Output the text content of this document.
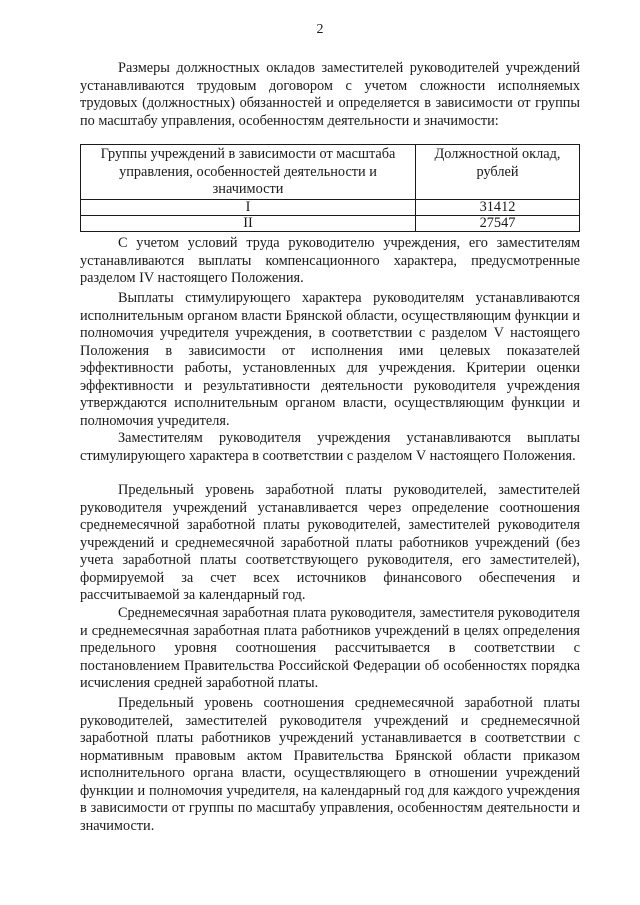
2
Размеры должностных окладов заместителей руководителей учреждений устанавливаются трудовым договором с учетом сложности исполняемых трудовых (должностных) обязанностей и определяется в зависимости от группы по масштабу управления, особенностям деятельности и значимости:
Группы учреждений в зависимости от масштаба управления, особенностей деятельности и значимости	Должностной оклад, рублей
I	31412
II	27547
С учетом условий труда руководителю учреждения, его заместителям устанавливаются выплаты компенсационного характера, предусмотренные разделом IV настоящего Положения.
Выплаты стимулирующего характера руководителям устанавливаются исполнительным органом власти Брянской области, осуществляющим функции и полномочия учредителя учреждения, в соответствии с разделом V настоящего Положения в зависимости от исполнения ими целевых показателей эффективности работы, установленных для учреждения. Критерии оценки эффективности и результативности деятельности руководителя учреждения утверждаются исполнительным органом власти, осуществляющим функции и полномочия учредителя.
Заместителям руководителя учреждения устанавливаются выплаты стимулирующего характера в соответствии с разделом V настоящего Положения.
Предельный уровень заработной платы руководителей, заместителей руководителя учреждений устанавливается через определение соотношения среднемесячной заработной платы руководителей, заместителей руководителя учреждений и среднемесячной заработной платы работников учреждений (без учета заработной платы соответствующего руководителя, его заместителей), формируемой за счет всех источников финансового обеспечения и рассчитываемой за календарный год.
Среднемесячная заработная плата руководителя, заместителя руководителя и среднемесячная заработная плата работников учреждений в целях определения предельного уровня соотношения рассчитывается в соответствии с постановлением Правительства Российской Федерации об особенностях порядка исчисления средней заработной платы.
Предельный уровень соотношения среднемесячной заработной платы руководителей, заместителей руководителя учреждений и среднемесячной заработной платы работников учреждений устанавливается в соответствии с нормативным правовым актом Правительства Брянской области приказом исполнительного органа власти, осуществляющего в отношении учреждений функции и полномочия учредителя, на календарный год для каждого учреждения в зависимости от группы по масштабу управления, особенностям деятельности и значимости.
